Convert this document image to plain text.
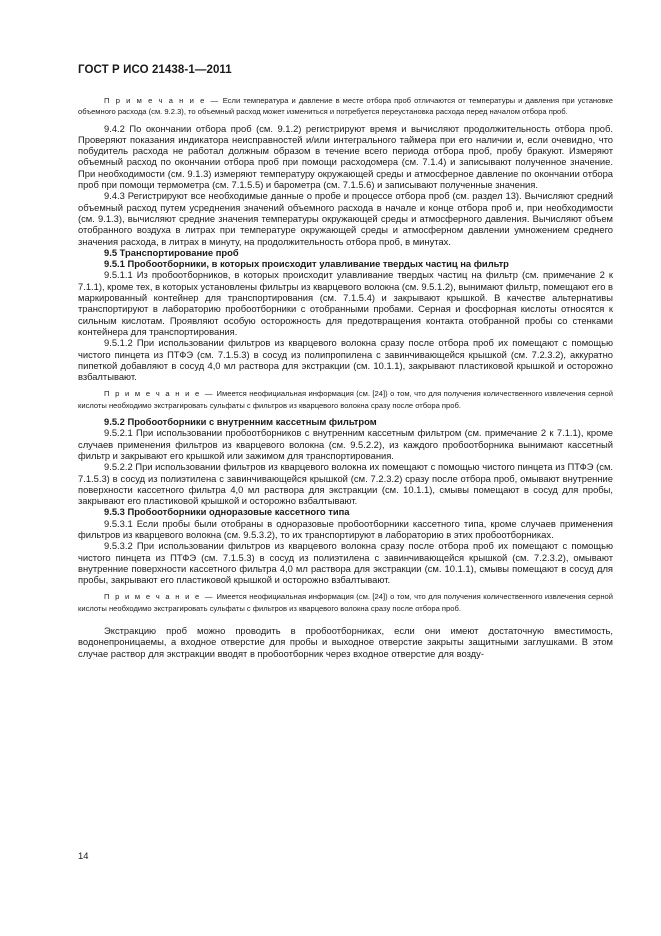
ГОСТ Р ИСО 21438-1—2011

П р и м е ч а н и е — Если температура и давление в месте отбора проб отличаются от температуры и давления при установке объемного расхода (см. 9.2.3), то объемный расход может измениться и потребуется переустановка расхода перед началом отбора проб.

9.4.2 По окончании отбора проб (см. 9.1.2) регистрируют время и вычисляют продолжительность отбора проб. Проверяют показания индикатора неисправностей и/или интегрального таймера при его наличии и, если очевидно, что побудитель расхода не работал должным образом в течение всего периода отбора проб, пробу бракуют. Измеряют объемный расход по окончании отбора проб при помощи расходомера (см. 7.1.4) и записывают полученное значение. При необходимости (см. 9.1.3) измеряют температуру окружающей среды и атмосферное давление по окончании отбора проб при помощи термометра (см. 7.1.5.5) и барометра (см. 7.1.5.6) и записывают полученные значения.

9.4.3 Регистрируют все необходимые данные о пробе и процессе отбора проб (см. раздел 13). Вычисляют средний объемный расход путем усреднения значений объемного расхода в начале и конце отбора проб и, при необходимости (см. 9.1.3), вычисляют средние значения температуры окружающей среды и атмосферного давления. Вычисляют объем отобранного воздуха в литрах при температуре окружающей среды и атмосферном давлении умножением среднего значения расхода, в литрах в минуту, на продолжительность отбора проб, в минутах.

9.5 Транспортирование проб

9.5.1 Пробоотборники, в которых происходит улавливание твердых частиц на фильтр

9.5.1.1 Из пробоотборников, в которых происходит улавливание твердых частиц на фильтр (см. примечание 2 к 7.1.1), кроме тех, в которых установлены фильтры из кварцевого волокна (см. 9.5.1.2), вынимают фильтр, помещают его в маркированный контейнер для транспортирования (см. 7.1.5.4) и закрывают крышкой. В качестве альтернативы транспортируют в лабораторию пробоотборники с отобранными пробами. Серная и фосфорная кислоты относятся к сильным кислотам. Проявляют особую осторожность для предотвращения контакта отобранной пробы со стенками контейнера для транспортирования.

9.5.1.2 При использовании фильтров из кварцевого волокна сразу после отбора проб их помещают с помощью чистого пинцета из ПТФЭ (см. 7.1.5.3) в сосуд из полипропилена с завинчивающейся крышкой (см. 7.2.3.2), аккуратно пипеткой добавляют в сосуд 4,0 мл раствора для экстракции (см. 10.1.1), закрывают пластиковой крышкой и осторожно взбалтывают.

П р и м е ч а н и е — Имеется неофициальная информация (см. [24]) о том, что для получения количественного извлечения серной кислоты необходимо экстрагировать сульфаты с фильтров из кварцевого волокна сразу после отбора проб.

9.5.2 Пробоотборники с внутренним кассетным фильтром

9.5.2.1 При использовании пробоотборников с внутренним кассетным фильтром (см. примечание 2 к 7.1.1), кроме случаев применения фильтров из кварцевого волокна (см. 9.5.2.2), из каждого пробоотборника вынимают кассетный фильтр и закрывают его крышкой или зажимом для транспортирования.

9.5.2.2 При использовании фильтров из кварцевого волокна их помещают с помощью чистого пинцета из ПТФЭ (см. 7.1.5.3) в сосуд из полиэтилена с завинчивающейся крышкой (см. 7.2.3.2) сразу после отбора проб, омывают внутренние поверхности кассетного фильтра 4,0 мл раствора для экстракции (см. 10.1.1), смывы помещают в сосуд для пробы, закрывают его пластиковой крышкой и осторожно взбалтывают.

9.5.3 Пробоотборники одноразовые кассетного типа

9.5.3.1 Если пробы были отобраны в одноразовые пробоотборники кассетного типа, кроме случаев применения фильтров из кварцевого волокна (см. 9.5.3.2), то их транспортируют в лабораторию в этих пробоотборниках.

9.5.3.2 При использовании фильтров из кварцевого волокна сразу после отбора проб их помещают с помощью чистого пинцета из ПТФЭ (см. 7.1.5.3) в сосуд из полиэтилена с завинчивающейся крышкой (см. 7.2.3.2), омывают внутренние поверхности кассетного фильтра 4,0 мл раствора для экстракции (см. 10.1.1), смывы помещают в сосуд для пробы, закрывают его пластиковой крышкой и осторожно взбалтывают.

П р и м е ч а н и е — Имеется неофициальная информация (см. [24]) о том, что для получения количественного извлечения серной кислоты необходимо экстрагировать сульфаты с фильтров из кварцевого волокна сразу после отбора проб.

Экстракцию проб можно проводить в пробоотборниках, если они имеют достаточную вместимость, водонепроницаемы, а входное отверстие для пробы и выходное отверстие закрыты защитными заглушками. В этом случае раствор для экстракции вводят в пробоотборник через входное отверстие для возду-

14
